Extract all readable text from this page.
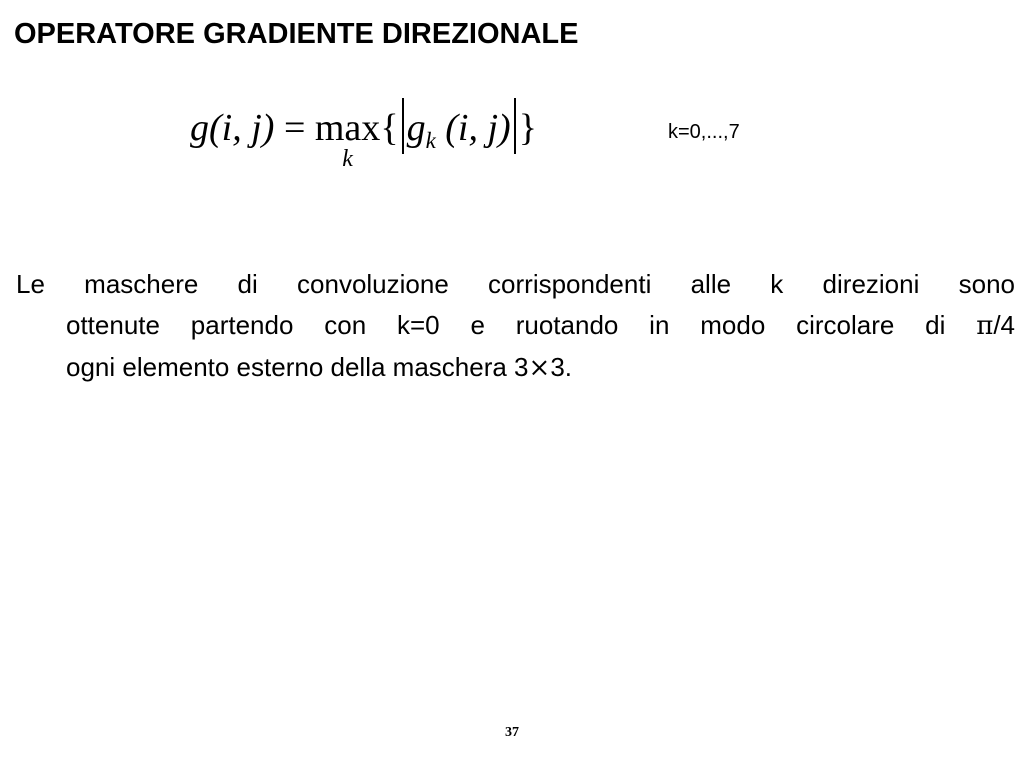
OPERATORE GRADIENTE DIREZIONALE
g(i, j) = max
k
{ $g_k$ (i, j) }	k=0,...,7
Le maschere di convoluzione corrispondenti alle k direzioni sono
ottenute partendo con k=0 e ruotando in modo circolare di π/4
ogni elemento esterno della maschera 3×3.
37
